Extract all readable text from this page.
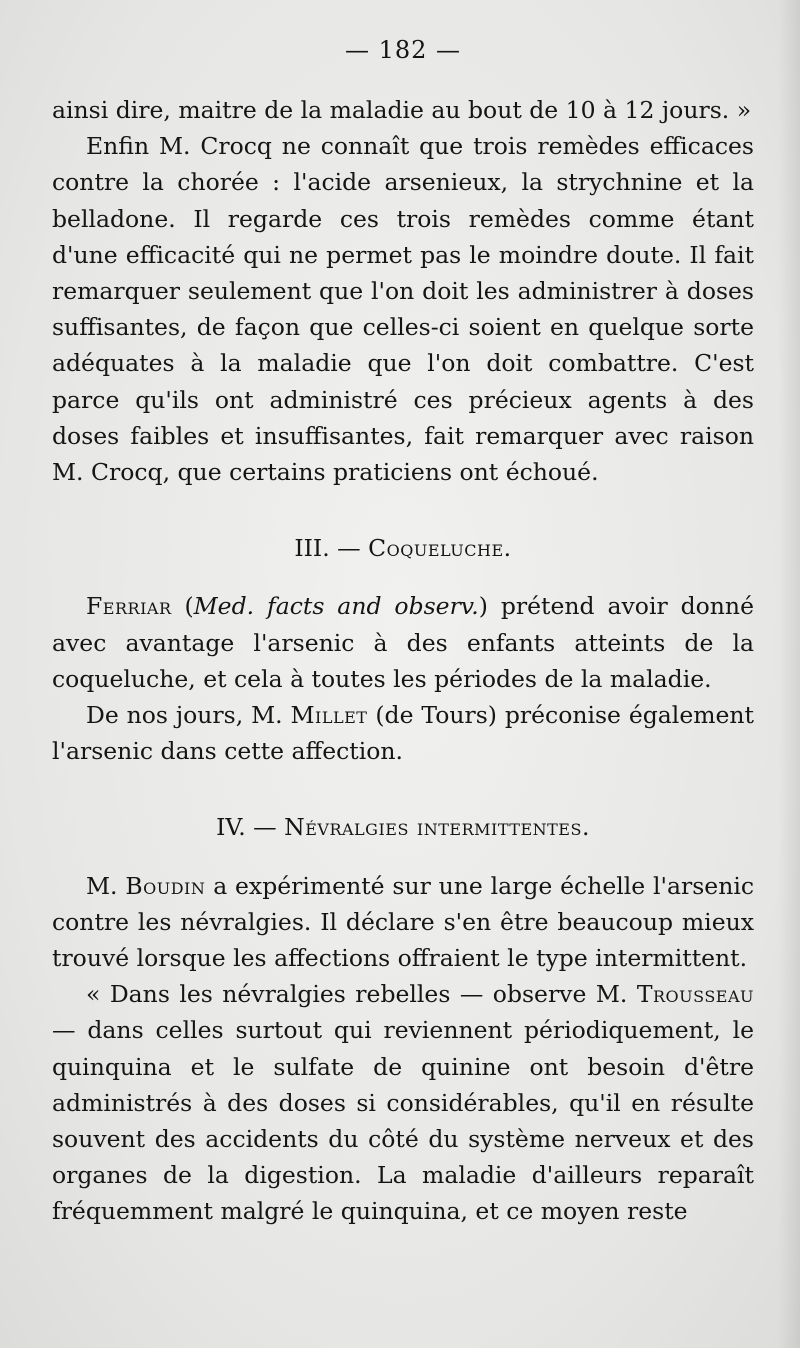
— 182 —

ainsi dire, maitre de la maladie au bout de 10 à 12 jours. »

Enfin M. Crocq ne connaît que trois remèdes efficaces contre la chorée : l'acide arsenieux, la strychnine et la belladone. Il regarde ces trois remèdes comme étant d'une efficacité qui ne permet pas le moindre doute. Il fait remarquer seulement que l'on doit les administrer à doses suffisantes, de façon que celles-ci soient en quelque sorte adéquates à la maladie que l'on doit combattre. C'est parce qu'ils ont administré ces précieux agents à des doses faibles et insuffisantes, fait remarquer avec raison M. Crocq, que certains praticiens ont échoué.

III. — Coqueluche.

Ferriar (Med. facts and observ.) prétend avoir donné avec avantage l'arsenic à des enfants atteints de la coqueluche, et cela à toutes les périodes de la maladie.

De nos jours, M. Millet (de Tours) préconise également l'arsenic dans cette affection.

IV. — Névralgies intermittentes.

M. Boudin a expérimenté sur une large échelle l'arsenic contre les névralgies. Il déclare s'en être beaucoup mieux trouvé lorsque les affections offraient le type intermittent.

« Dans les névralgies rebelles — observe M. Trousseau — dans celles surtout qui reviennent périodiquement, le quinquina et le sulfate de quinine ont besoin d'être administrés à des doses si considérables, qu'il en résulte souvent des accidents du côté du système nerveux et des organes de la digestion. La maladie d'ailleurs reparaît fréquemment malgré le quinquina, et ce moyen reste
